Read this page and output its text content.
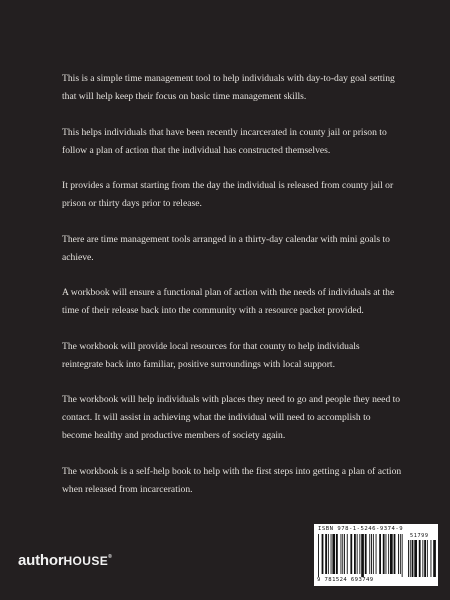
This is a simple time management tool to help individuals with day-to-day goal setting that will help keep their focus on basic time management skills.

This helps individuals that have been recently incarcerated in county jail or prison to follow a plan of action that the individual has constructed themselves.

It provides a format starting from the day the individual is released from county jail or prison or thirty days prior to release.

There are time management tools arranged in a thirty-day calendar with mini goals to achieve.

A workbook will ensure a functional plan of action with the needs of individuals at the time of their release back into the community with a resource packet provided.

The workbook will provide local resources for that county to help individuals reintegrate back into familiar, positive surroundings with local support.

The workbook will help individuals with places they need to go and people they need to contact. It will assist in achieving what the individual will need to accomplish to become healthy and productive members of society again.

The workbook is a self-help book to help with the first steps into getting a plan of action when released from incarceration.

authorHOUSE®
ISBN 978-1-5246-9374-9
51799
9 781524 693749
